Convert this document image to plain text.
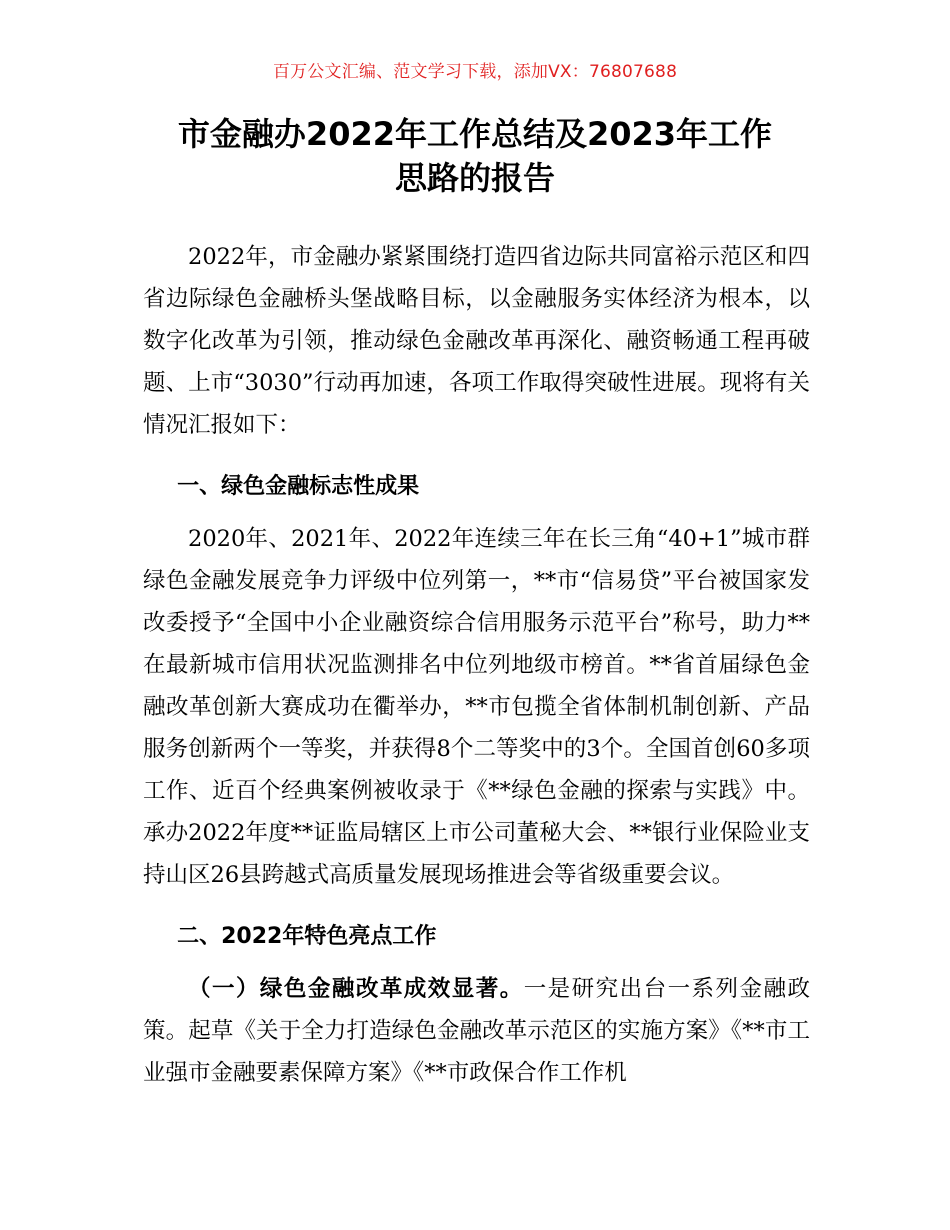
百万公文汇编、范文学习下载，添加VX：76807688
市金融办2022年工作总结及2023年工作
思路的报告

2022年，市金融办紧紧围绕打造四省边际共同富裕示范区和四省边际绿色金融桥头堡战略目标，以金融服务实体经济为根本，以数字化改革为引领，推动绿色金融改革再深化、融资畅通工程再破题、上市“3030”行动再加速，各项工作取得突破性进展。现将有关情况汇报如下：

一、绿色金融标志性成果

2020年、2021年、2022年连续三年在长三角“40+1”城市群绿色金融发展竞争力评级中位列第一，**市“信易贷”平台被国家发改委授予“全国中小企业融资综合信用服务示范平台”称号，助力**在最新城市信用状况监测排名中位列地级市榜首。**省首届绿色金融改革创新大赛成功在衢举办，**市包揽全省体制机制创新、产品服务创新两个一等奖，并获得8个二等奖中的3个。全国首创60多项工作、近百个经典案例被收录于《**绿色金融的探索与实践》中。承办2022年度**证监局辖区上市公司董秘大会、**银行业保险业支持山区26县跨越式高质量发展现场推进会等省级重要会议。

二、2022年特色亮点工作

（一）绿色金融改革成效显著。一是研究出台一系列金融政策。起草《关于全力打造绿色金融改革示范区的实施方案》《**市工业强市金融要素保障方案》《**市政保合作工作机
